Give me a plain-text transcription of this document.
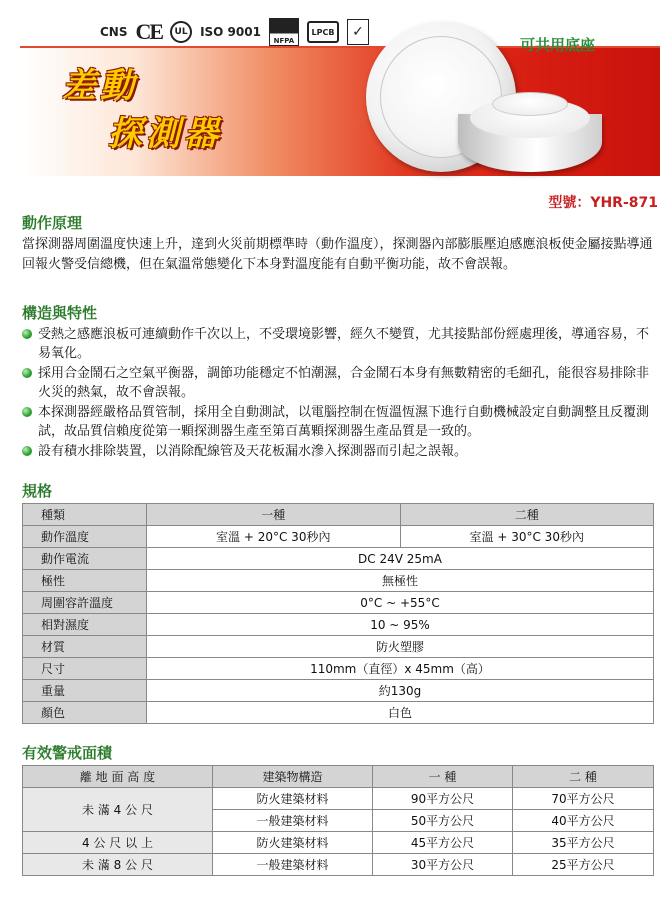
CNS CE	UL	ISO 9001
NFPA
LPCB	✓
可共用底座
差動
探測器
型號：YHR-871
動作原理
當探測器周圍溫度快速上升，達到火災前期標準時（動作溫度），探測器內部膨脹壓迫感應浪板使金屬接點導通回報火警受信總機，但在氣溫常態變化下本身對溫度能有自動平衡功能，故不會誤報。
構造與特性
受熱之感應浪板可連續動作千次以上，不受環境影響，經久不變質，尤其接點部份經處理後，導通容易，不易氧化。
採用合金鬧石之空氣平衡器，調節功能穩定不怕潮濕，合金鬧石本身有無數精密的毛細孔，能很容易排除非火災的熱氣，故不會誤報。
本探測器經嚴格品質管制，採用全自動測試，以電腦控制在恆溫恆濕下進行自動機械設定自動調整且反覆測試，故品質信賴度從第一顆探測器生產至第百萬顆探測器生產品質是一致的。
設有積水排除裝置，以消除配線管及天花板漏水滲入探測器而引起之誤報。
規格
種類	一種	二種
動作溫度	室溫 + 20°C 30秒內	室溫 + 30°C 30秒內
動作電流	DC 24V 25mA	
極性	無極性	
周圍容許溫度	0°C ~ +55°C	
相對濕度	10 ~ 95%	
材質	防火塑膠	
尺寸	110mm（直徑）x 45mm（高）	
重量	約130g	
顏色	白色	
有效警戒面積
離 地 面 高 度	建築物構造	一 種	二 種
未 滿 4 公 尺	防火建築材料	90平方公尺	70平方公尺
	一般建築材料	50平方公尺	40平方公尺
4 公 尺 以 上	防火建築材料	45平方公尺	35平方公尺
未 滿 8 公 尺	一般建築材料	30平方公尺	25平方公尺
